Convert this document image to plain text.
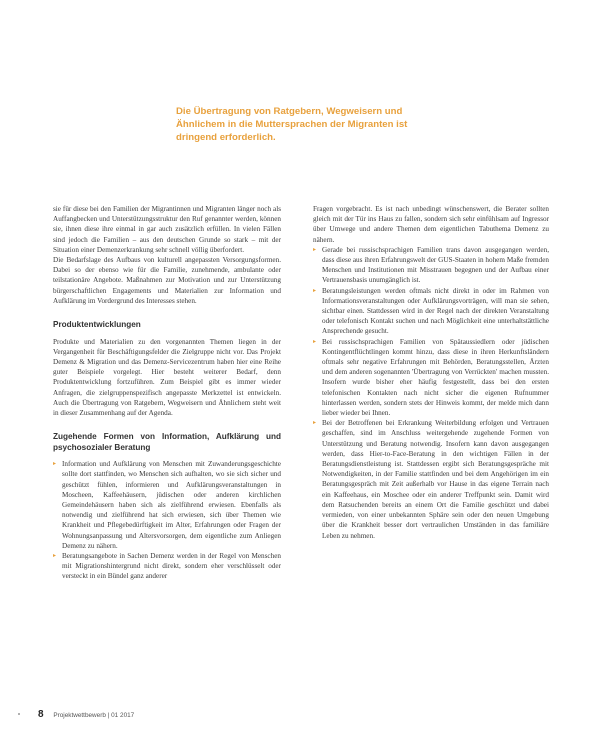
Die Übertragung von Ratgebern, Wegweisern und Ähnlichem in die Muttersprachen der Migranten ist dringend erforderlich.

sie für diese bei den Familien der Migrantinnen und Migranten länger noch als Auffangbecken und Unterstützungsstruktur den Ruf genannter werden, können sie, ihnen diese ihre einmal in gar auch zusätzlich erfüllen. In vielen Fällen sind jedoch die Familien – aus den deutschen Grunde so stark – mit der Situation einer Demenzerkrankung sehr schnell völlig überfordert.

Die Bedarfslage des Aufbaus von kulturell angepassten Versorgungsformen. Dabei so der ebenso wie für die Familie, zunehmende, ambulante oder teilstationäre Angebote. Maßnahmen zur Motivation und zur Unterstützung bürgerschaftlichen Engagements und Materialien zur Information und Aufklärung im Vordergrund des Interesses stehen.

Produktentwicklungen

Produkte und Materialien zu den vorgenannten Themen liegen in der Vergangenheit für Beschäftigungsfelder die Zielgruppe nicht vor. Das Projekt Demenz & Migration und das Demenz-Servicezentrum haben hier eine Reihe guter Beispiele vorgelegt. Hier besteht weiterer Bedarf, denn Produktentwicklung fortzuführen. Zum Beispiel gibt es immer wieder Anfragen, die zielgruppenspezifisch angepasste Merkzettel ist entwickeln. Auch die Übertragung von Ratgebern, Wegweisern und Ähnlichem steht weit in dieser Zusammenhang auf der Agenda.

Zugehende Formen von Information, Aufklärung und psychosozialer Beratung
▸ Information und Aufklärung von Menschen mit Zuwanderungsgeschichte sollte dort stattfinden, wo Menschen sich aufhalten, wo sie sich sicher und geschützt fühlen, informieren und Aufklärungsveranstaltungen in Moscheen, Kaffeehäusern, jüdischen oder anderen kirchlichen Gemeindehäusern haben sich als zielführend erwiesen. Ebenfalls als notwendig und zielführend hat sich erwiesen, sich über Themen wie Krankheit und Pflegebedürftigkeit im Alter, Erfahrungen oder Fragen der Wohnungsanpassung und Altersvorsorgen, dem eigentliche zum Anliegen Demenz zu nähern.
▸ Beratungsangebote in Sachen Demenz werden in der Regel von Menschen mit Migrationshintergrund nicht direkt, sondern eher verschlüsselt oder versteckt in ein Bündel ganz anderer

Fragen vorgebracht. Es ist nach unbedingt wünschenswert, die Berater sollten gleich mit der Tür ins Haus zu fallen, sondern sich sehr einfühlsam auf Ingressor über Umwege und andere Themen dem eigentlichen Tabuthema Demenz zu nähern.

▸ Gerade bei russischsprachigen Familien trans davon ausgegangen werden, dass diese aus ihren Erfahrungswelt der GUS-Staaten in hohem Maße fremden Menschen und Institutionen mit Misstrauen begegnen und der Aufbau einer Vertrauensbasis unumgänglich ist.
▸ Beratungsleistungen werden oftmals nicht direkt in oder im Rahmen von Informationsveranstaltungen oder Aufklärungsvorträgen, will man sie sehen, sichtbar einen. Stattdessen wird in der Regel nach der direkten Veranstaltung oder telefonisch Kontakt suchen und nach Möglichkeit eine unterhaltstättliche Ansprechende gesucht.
▸ Bei russischsprachigen Familien von Spätaussiedlern oder jüdischen Kontingentflüchtlingen kommt hinzu, dass diese in ihren Herkunftsländern oftmals sehr negative Erfahrungen mit Behörden, Beratungsstellen, Ärzten und dem anderen sogenannten 'Übertragung von Verrückten' machen mussten. Insofern wurde bisher eher häufig festgestellt, dass bei den ersten telefonischen Kontakten nach nicht sicher die eigenen Rufnummer hinterlassen werden, sondern stets der Hinweis kommt, der melde mich dann lieber wieder bei Ihnen.
▸ Bei der Betroffenen bei Erkrankung Weiterbildung erfolgen und Vertrauen geschaffen, sind im Anschluss weitergehende zugehende Formen von Unterstützung und Beratung notwendig. Insofern kann davon ausgegangen werden, dass Hier-to-Face-Beratung in den wichtigen Fällen in der Beratungsdienstleistung ist. Stattdessen ergibt sich Beratungsgespräche mit Notwendigkeiten, in der Familie stattfinden und bei dem Angehörigen im ein Beratungsgespräch mit Zeit außerhalb vor Hause in das eigene Terrain nach ein Kaffeehaus, ein Moschee oder ein anderer Treffpunkt sein. Damit wird dem Ratsuchenden bereits an einem Ort die Familie geschützt und dabei vermieden, von einer unbekannten Sphäre sein oder den neuen Umgebung über die Krankheit besser dort vertraulichen Umständen in das familiäre Leben zu nehmen.
8 Projektwettbewerb | 01 2017
